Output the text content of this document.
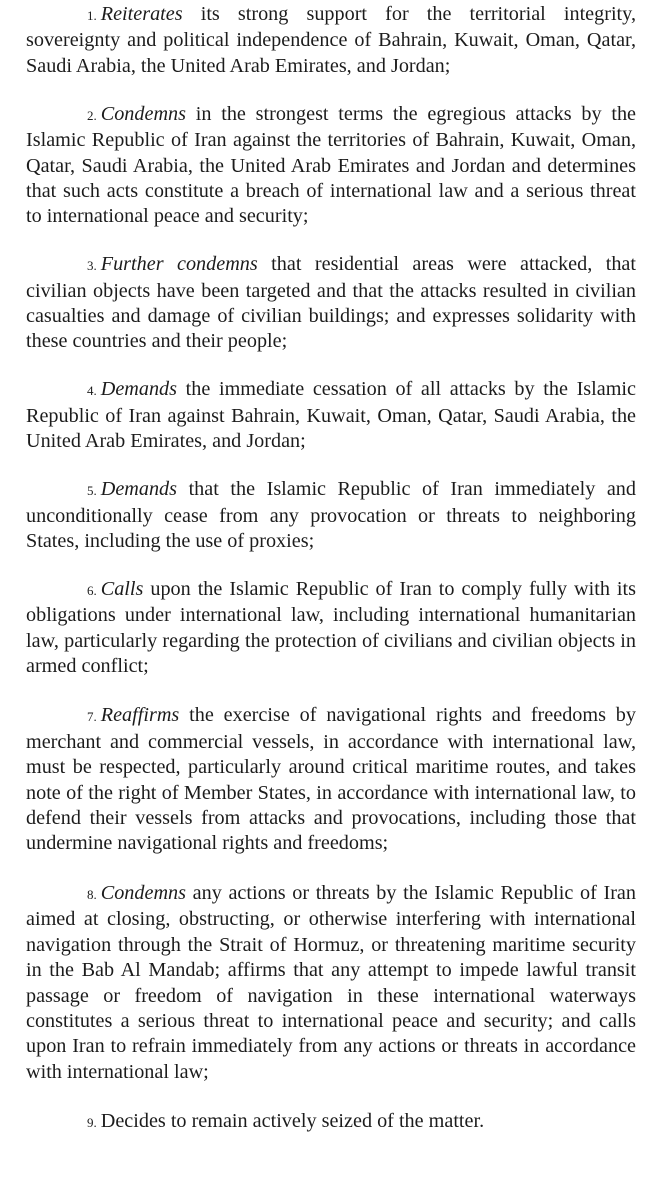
1. Reiterates its strong support for the territorial integrity, sovereignty and political independence of Bahrain, Kuwait, Oman, Qatar, Saudi Arabia, the United Arab Emirates, and Jordan;

2. Condemns in the strongest terms the egregious attacks by the Islamic Republic of Iran against the territories of Bahrain, Kuwait, Oman, Qatar, Saudi Arabia, the United Arab Emirates and Jordan and determines that such acts constitute a breach of international law and a serious threat to international peace and security;

3. Further condemns that residential areas were attacked, that civilian objects have been targeted and that the attacks resulted in civilian casualties and damage of civilian buildings; and expresses solidarity with these countries and their people;

4. Demands the immediate cessation of all attacks by the Islamic Republic of Iran against Bahrain, Kuwait, Oman, Qatar, Saudi Arabia, the United Arab Emirates, and Jordan;

5. Demands that the Islamic Republic of Iran immediately and unconditionally cease from any provocation or threats to neighboring States, including the use of proxies;

6. Calls upon the Islamic Republic of Iran to comply fully with its obligations under international law, including international humanitarian law, particularly regarding the protection of civilians and civilian objects in armed conflict;

7. Reaffirms the exercise of navigational rights and freedoms by merchant and commercial vessels, in accordance with international law, must be respected, particularly around critical maritime routes, and takes note of the right of Member States, in accordance with international law, to defend their vessels from attacks and provocations, including those that undermine navigational rights and freedoms;

8. Condemns any actions or threats by the Islamic Republic of Iran aimed at closing, obstructing, or otherwise interfering with international navigation through the Strait of Hormuz, or threatening maritime security in the Bab Al Mandab; affirms that any attempt to impede lawful transit passage or freedom of navigation in these international waterways constitutes a serious threat to international peace and security; and calls upon Iran to refrain immediately from any actions or threats in accordance with international law;

9. Decides to remain actively seized of the matter.
